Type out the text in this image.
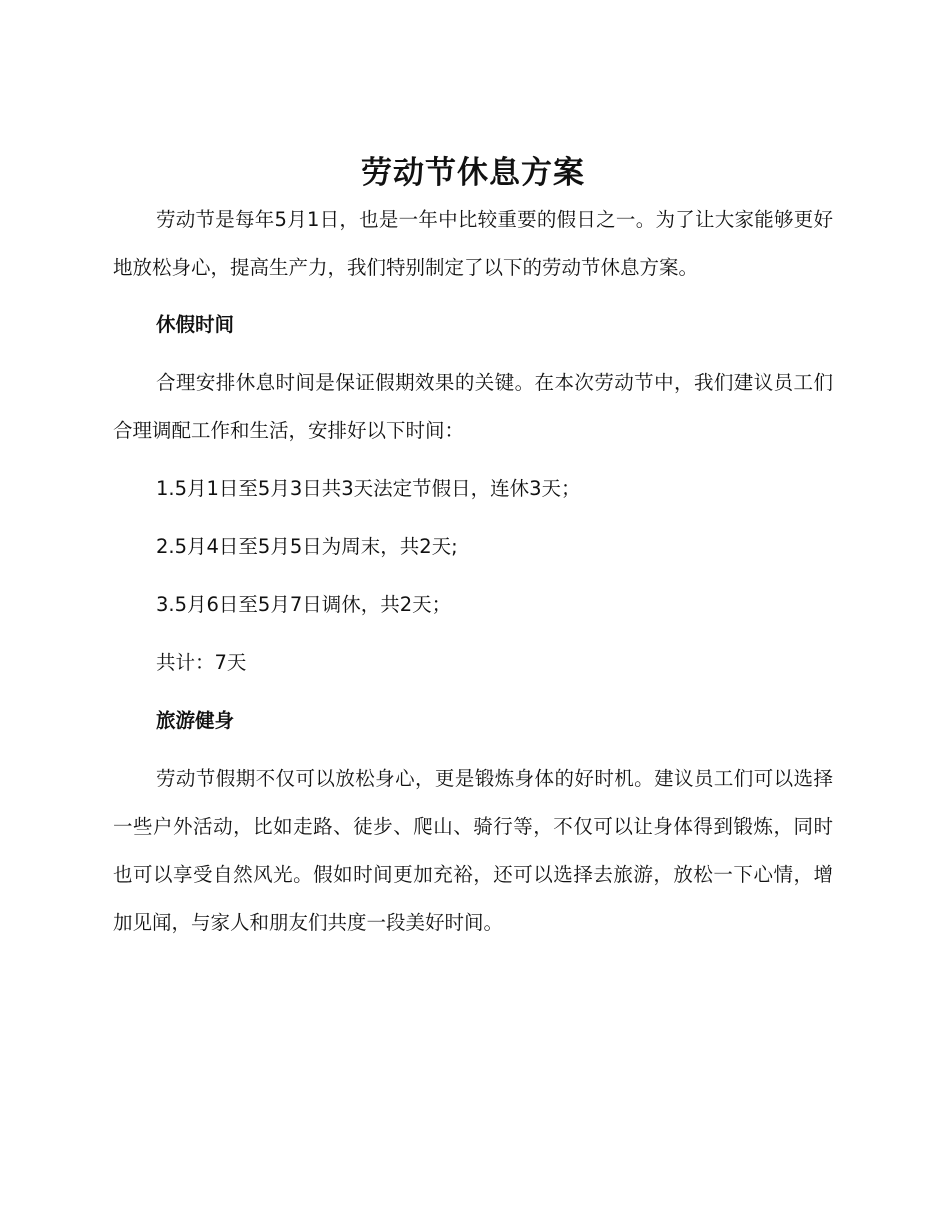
劳动节休息方案

劳动节是每年5月1日，也是一年中比较重要的假日之一。为了让大家能够更好地放松身心，提高生产力，我们特别制定了以下的劳动节休息方案。

休假时间

合理安排休息时间是保证假期效果的关键。在本次劳动节中，我们建议员工们合理调配工作和生活，安排好以下时间：

1.5月1日至5月3日共3天法定节假日，连休3天；
2.5月4日至5月5日为周末，共2天;
3.5月6日至5月7日调休，共2天；
共计：7天
旅游健身

劳动节假期不仅可以放松身心，更是锻炼身体的好时机。建议员工们可以选择一些户外活动，比如走路、徒步、爬山、骑行等，不仅可以让身体得到锻炼，同时也可以享受自然风光。假如时间更加充裕，还可以选择去旅游，放松一下心情，增加见闻，与家人和朋友们共度一段美好时间。
